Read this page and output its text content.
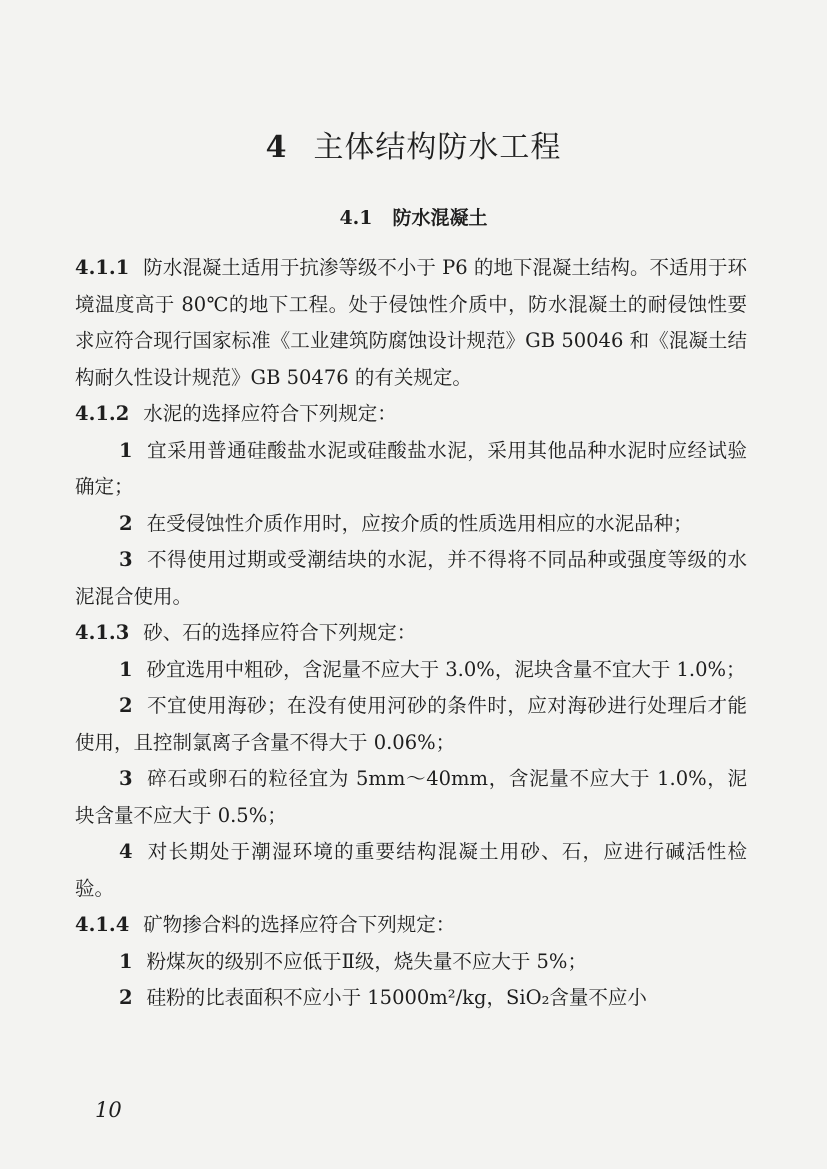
4 主体结构防水工程
4.1 防水混凝土

4.1.1 防水混凝土适用于抗渗等级不小于 P6 的地下混凝土结构。不适用于环境温度高于 80℃的地下工程。处于侵蚀性介质中，防水混凝土的耐侵蚀性要求应符合现行国家标准《工业建筑防腐蚀设计规范》GB 50046 和《混凝土结构耐久性设计规范》GB 50476 的有关规定。

4.1.2 水泥的选择应符合下列规定：

1 宜采用普通硅酸盐水泥或硅酸盐水泥，采用其他品种水泥时应经试验确定；

2 在受侵蚀性介质作用时，应按介质的性质选用相应的水泥品种；

3 不得使用过期或受潮结块的水泥，并不得将不同品种或强度等级的水泥混合使用。

4.1.3 砂、石的选择应符合下列规定：

1 砂宜选用中粗砂，含泥量不应大于 3.0%，泥块含量不宜大于 1.0%；

2 不宜使用海砂；在没有使用河砂的条件时，应对海砂进行处理后才能使用，且控制氯离子含量不得大于 0.06%；

3 碎石或卵石的粒径宜为 5mm～40mm，含泥量不应大于 1.0%，泥块含量不应大于 0.5%；

4 对长期处于潮湿环境的重要结构混凝土用砂、石，应进行碱活性检验。

4.1.4 矿物掺合料的选择应符合下列规定：

1 粉煤灰的级别不应低于Ⅱ级，烧失量不应大于 5%；

2 硅粉的比表面积不应小于 15000m²/kg，SiO₂含量不应小

10
